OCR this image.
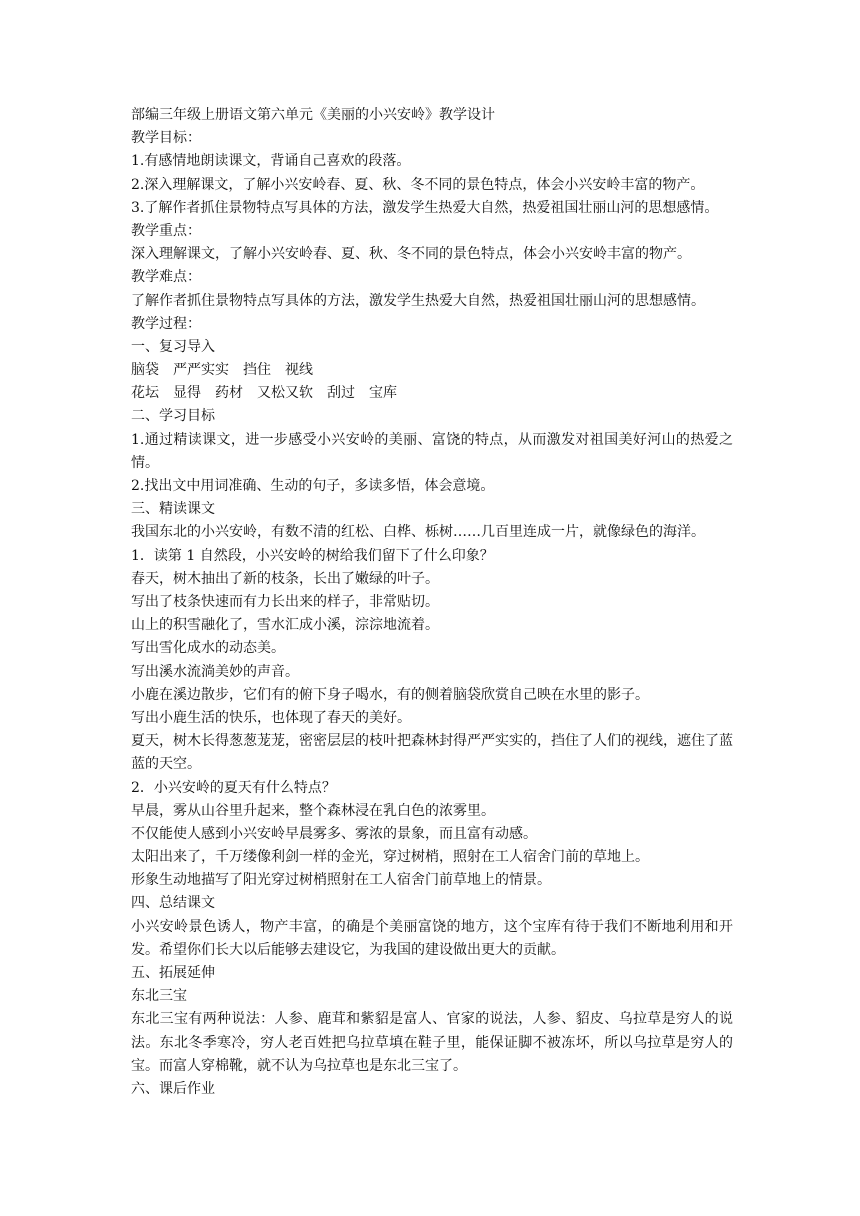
部编三年级上册语文第六单元《美丽的小兴安岭》教学设计
教学目标：
1.有感情地朗读课文，背诵自己喜欢的段落。
2.深入理解课文，了解小兴安岭春、夏、秋、冬不同的景色特点，体会小兴安岭丰富的物产。
3.了解作者抓住景物特点写具体的方法，激发学生热爱大自然，热爱祖国壮丽山河的思想感情。
教学重点：
深入理解课文，了解小兴安岭春、夏、秋、冬不同的景色特点，体会小兴安岭丰富的物产。
教学难点：
了解作者抓住景物特点写具体的方法，激发学生热爱大自然，热爱祖国壮丽山河的思想感情。
教学过程：
一、复习导入
脑袋　严严实实　挡住　视线
花坛　显得　药材　又松又软　刮过　宝库
二、学习目标
1.通过精读课文，进一步感受小兴安岭的美丽、富饶的特点，从而激发对祖国美好河山的热爱之情。
2.找出文中用词准确、生动的句子，多读多悟，体会意境。
三、精读课文
我国东北的小兴安岭，有数不清的红松、白桦、栎树……几百里连成一片，就像绿色的海洋。
1．读第 1 自然段，小兴安岭的树给我们留下了什么印象？
春天，树木抽出了新的枝条，长出了嫩绿的叶子。
写出了枝条快速而有力长出来的样子，非常贴切。
山上的积雪融化了，雪水汇成小溪，淙淙地流着。
写出雪化成水的动态美。
写出溪水流淌美妙的声音。
小鹿在溪边散步，它们有的俯下身子喝水，有的侧着脑袋欣赏自己映在水里的影子。
写出小鹿生活的快乐，也体现了春天的美好。
夏天，树木长得葱葱茏茏，密密层层的枝叶把森林封得严严实实的，挡住了人们的视线，遮住了蓝蓝的天空。
2．小兴安岭的夏天有什么特点？
早晨，雾从山谷里升起来，整个森林浸在乳白色的浓雾里。
不仅能使人感到小兴安岭早晨雾多、雾浓的景象，而且富有动感。
太阳出来了，千万缕像利剑一样的金光，穿过树梢，照射在工人宿舍门前的草地上。
形象生动地描写了阳光穿过树梢照射在工人宿舍门前草地上的情景。
四、总结课文
小兴安岭景色诱人，物产丰富，的确是个美丽富饶的地方，这个宝库有待于我们不断地利用和开发。希望你们长大以后能够去建设它，为我国的建设做出更大的贡献。
五、拓展延伸
东北三宝
东北三宝有两种说法：人参、鹿茸和紫貂是富人、官家的说法，人参、貂皮、乌拉草是穷人的说法。东北冬季寒冷，穷人老百姓把乌拉草填在鞋子里，能保证脚不被冻坏，所以乌拉草是穷人的宝。而富人穿棉靴，就不认为乌拉草也是东北三宝了。
六、课后作业
